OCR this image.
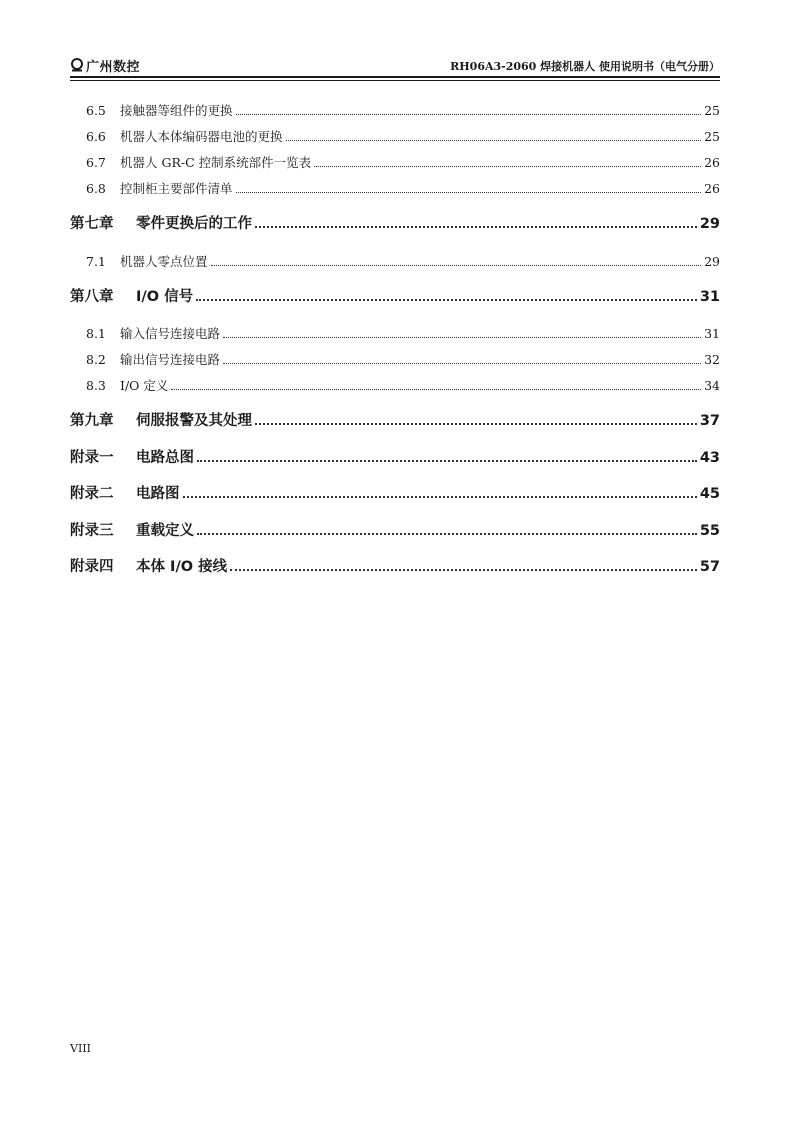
广州数控	RH06A3-2060 焊接机器人 使用说明书（电气分册）
6.5	接触器等组件的更换	25
6.6	机器人本体编码器电池的更换	25
6.7	机器人 GR-C 控制系统部件一览表	26
6.8	控制柜主要部件清单	26
第七章	零件更换后的工作	29
7.1	机器人零点位置	29
第八章	I/O 信号	31
8.1	输入信号连接电路	31
8.2	输出信号连接电路	32
8.3	I/O 定义	34
第九章	伺服报警及其处理	37
附录一	电路总图	43
附录二	电路图	45
附录三	重载定义	55
附录四	本体 I/O 接线	57
VIII
